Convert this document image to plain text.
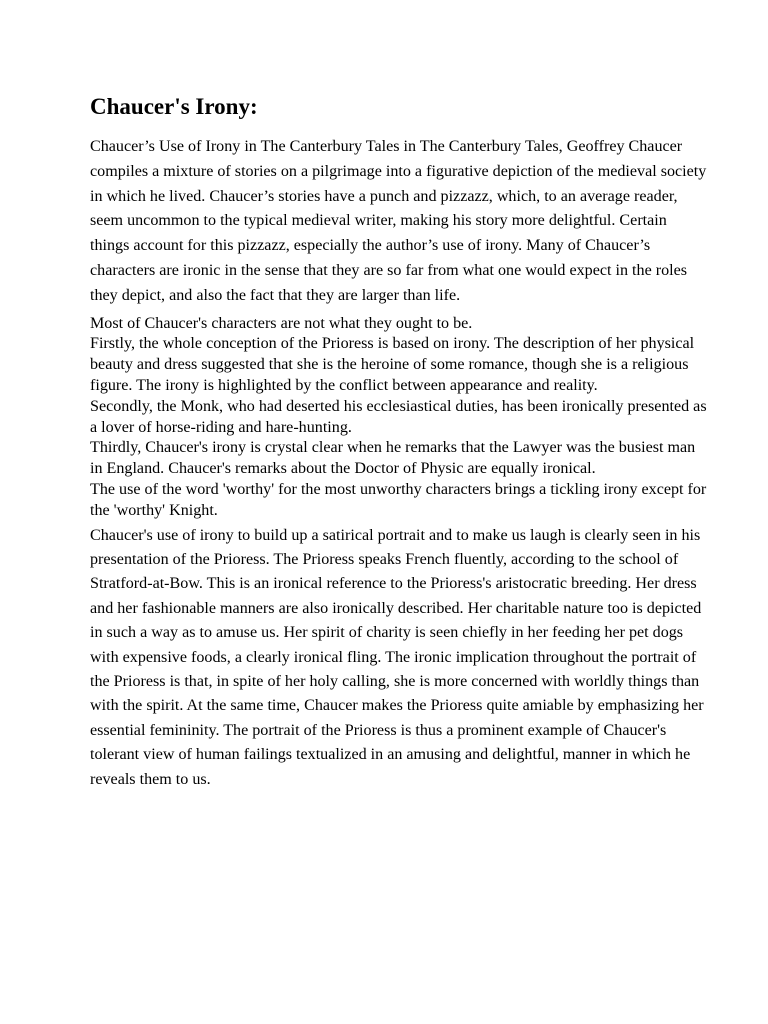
Chaucer's Irony:

Chaucer’s Use of Irony in The Canterbury Tales in The Canterbury Tales, Geoffrey Chaucer compiles a mixture of stories on a pilgrimage into a figurative depiction of the medieval society in which he lived. Chaucer’s stories have a punch and pizzazz, which, to an average reader, seem uncommon to the typical medieval writer, making his story more delightful. Certain things account for this pizzazz, especially the author’s use of irony. Many of Chaucer’s characters are ironic in the sense that they are so far from what one would expect in the roles they depict, and also the fact that they are larger than life.

Most of Chaucer's characters are not what they ought to be.

Firstly, the whole conception of the Prioress is based on irony. The description of her physical beauty and dress suggested that she is the heroine of some romance, though she is a religious figure. The irony is highlighted by the conflict between appearance and reality.

Secondly, the Monk, who had deserted his ecclesiastical duties, has been ironically presented as a lover of horse-riding and hare-hunting.

Thirdly, Chaucer's irony is crystal clear when he remarks that the Lawyer was the busiest man in England. Chaucer's remarks about the Doctor of Physic are equally ironical.

The use of the word 'worthy' for the most unworthy characters brings a tickling irony except for the 'worthy' Knight.

Chaucer's use of irony to build up a satirical portrait and to make us laugh is clearly seen in his presentation of the Prioress. The Prioress speaks French fluently, according to the school of Stratford-at-Bow. This is an ironical reference to the Prioress's aristocratic breeding. Her dress and her fashionable manners are also ironically described. Her charitable nature too is depicted in such a way as to amuse us. Her spirit of charity is seen chiefly in her feeding her pet dogs with expensive foods, a clearly ironical fling. The ironic implication throughout the portrait of the Prioress is that, in spite of her holy calling, she is more concerned with worldly things than with the spirit. At the same time, Chaucer makes the Prioress quite amiable by emphasizing her essential femininity. The portrait of the Prioress is thus a prominent example of Chaucer's tolerant view of human failings textualized in an amusing and delightful, manner in which he reveals them to us.
